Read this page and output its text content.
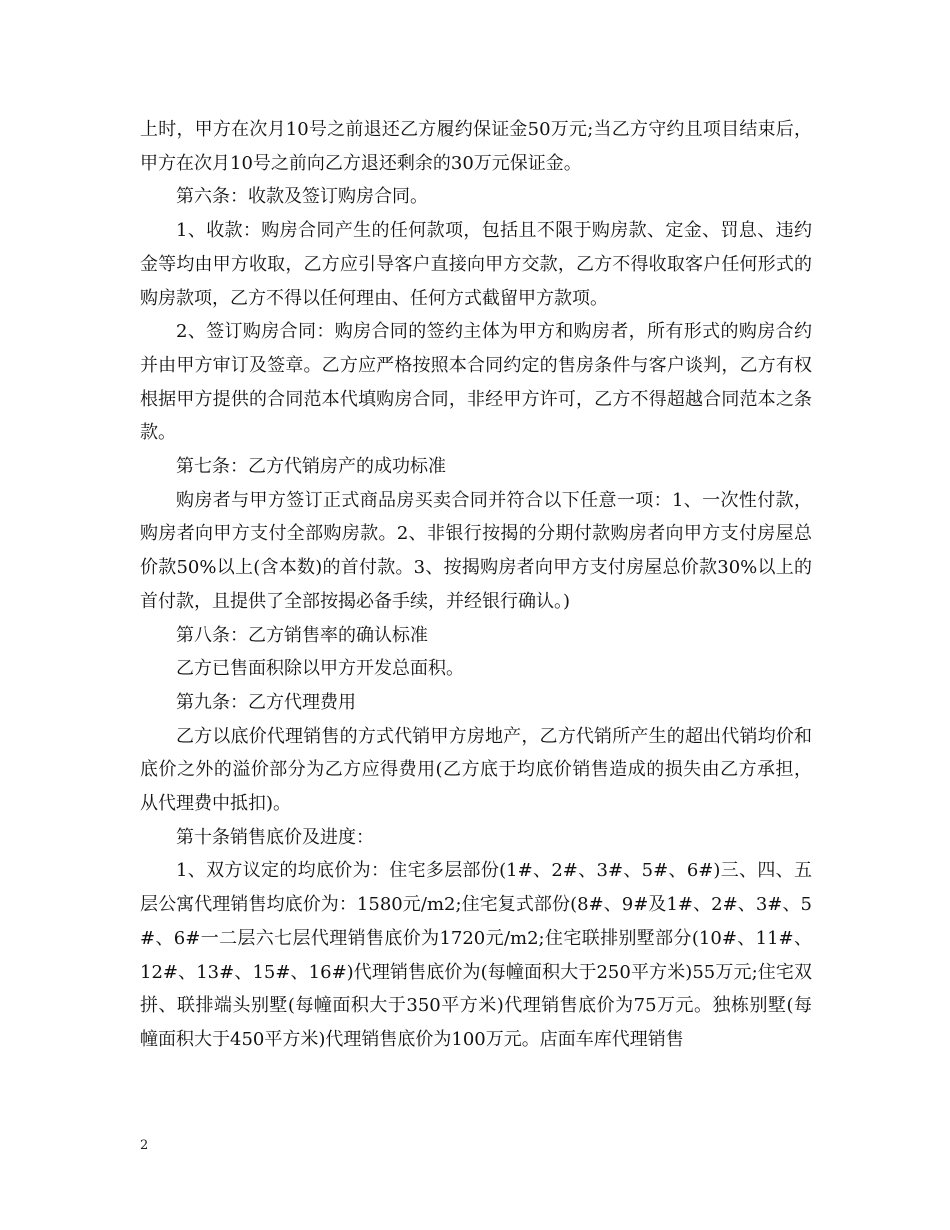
上时，甲方在次月10号之前退还乙方履约保证金50万元;当乙方守约且项目结束后，甲方在次月10号之前向乙方退还剩余的30万元保证金。

第六条：收款及签订购房合同。

1、收款：购房合同产生的任何款项，包括且不限于购房款、定金、罚息、违约金等均由甲方收取，乙方应引导客户直接向甲方交款，乙方不得收取客户任何形式的购房款项，乙方不得以任何理由、任何方式截留甲方款项。

2、签订购房合同：购房合同的签约主体为甲方和购房者，所有形式的购房合约并由甲方审订及签章。乙方应严格按照本合同约定的售房条件与客户谈判，乙方有权根据甲方提供的合同范本代填购房合同，非经甲方许可，乙方不得超越合同范本之条款。

第七条：乙方代销房产的成功标准

购房者与甲方签订正式商品房买卖合同并符合以下任意一项：1、一次性付款，购房者向甲方支付全部购房款。2、非银行按揭的分期付款购房者向甲方支付房屋总价款50%以上(含本数)的首付款。3、按揭购房者向甲方支付房屋总价款30%以上的首付款，且提供了全部按揭必备手续，并经银行确认。)

第八条：乙方销售率的确认标准

乙方已售面积除以甲方开发总面积。

第九条：乙方代理费用

乙方以底价代理销售的方式代销甲方房地产，乙方代销所产生的超出代销均价和底价之外的溢价部分为乙方应得费用(乙方底于均底价销售造成的损失由乙方承担，从代理费中抵扣)。

第十条销售底价及进度：

1、双方议定的均底价为：住宅多层部份(1#、2#、3#、5#、6#)三、四、五层公寓代理销售均底价为：1580元/m2;住宅复式部份(8#、9#及1#、2#、3#、5#、6#一二层六七层代理销售底价为1720元/m2;住宅联排别墅部分(10#、11#、12#、13#、15#、16#)代理销售底价为(每幢面积大于250平方米)55万元;住宅双拼、联排端头别墅(每幢面积大于350平方米)代理销售底价为75万元。独栋别墅(每幢面积大于450平方米)代理销售底价为100万元。店面车库代理销售

2
